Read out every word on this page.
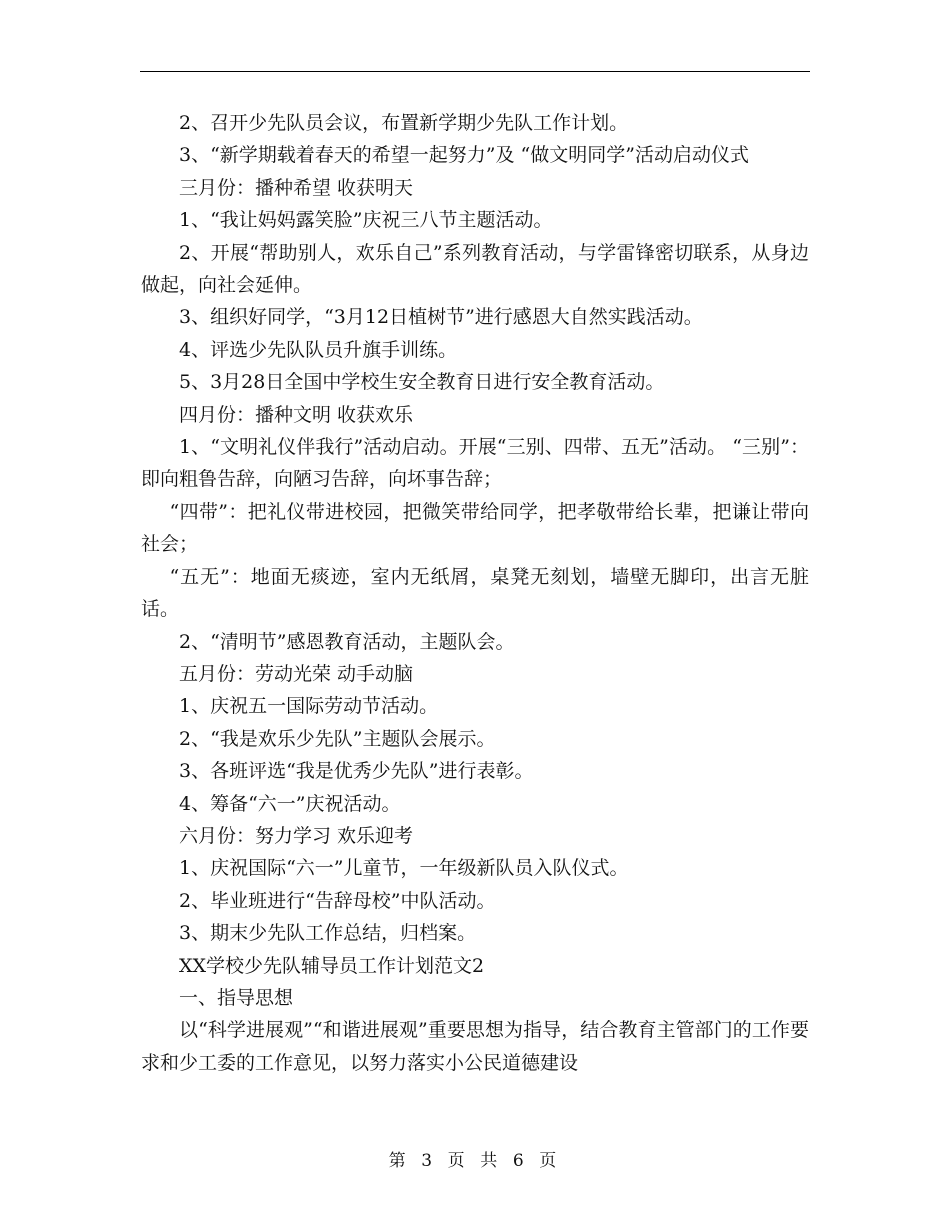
2、召开少先队员会议，布置新学期少先队工作计划。

3、“新学期载着春天的希望一起努力”及 “做文明同学”活动启动仪式

三月份：播种希望 收获明天

1、“我让妈妈露笑脸”庆祝三八节主题活动。

2、开展“帮助别人，欢乐自己”系列教育活动，与学雷锋密切联系，从身边做起，向社会延伸。

3、组织好同学，“3月12日植树节”进行感恩大自然实践活动。

4、评选少先队队员升旗手训练。

5、3月28日全国中学校生安全教育日进行安全教育活动。

四月份：播种文明 收获欢乐

1、“文明礼仪伴我行”活动启动。开展“三别、四带、五无”活动。 “三别”：即向粗鲁告辞，向陋习告辞，向坏事告辞；

“四带”：把礼仪带进校园，把微笑带给同学，把孝敬带给长辈，把谦让带向社会；

“五无”：地面无痰迹，室内无纸屑，桌凳无刻划，墙壁无脚印，出言无脏话。

2、“清明节”感恩教育活动，主题队会。

五月份：劳动光荣 动手动脑

1、庆祝五一国际劳动节活动。

2、“我是欢乐少先队”主题队会展示。

3、各班评选“我是优秀少先队”进行表彰。

4、筹备“六一”庆祝活动。

六月份：努力学习 欢乐迎考

1、庆祝国际“六一”儿童节，一年级新队员入队仪式。

2、毕业班进行“告辞母校”中队活动。

3、期末少先队工作总结，归档案。

XX学校少先队辅导员工作计划范文2

一、指导思想

以“科学进展观”“和谐进展观”重要思想为指导，结合教育主管部门的工作要求和少工委的工作意见，以努力落实小公民道德建设

第 3 页 共 6 页
